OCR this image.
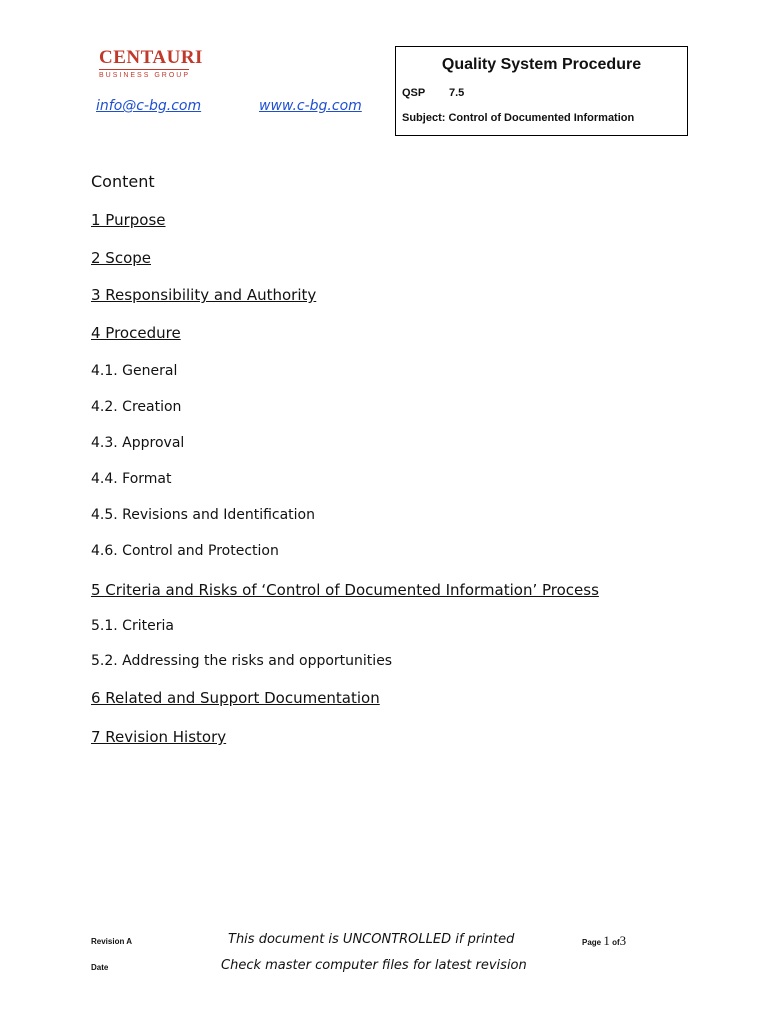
CENTAURI
BUSINESS GROUP
info@c-bg.com	www.c-bg.com
Quality System Procedure
QSP 7.5
Subject: Control of Documented Information
Content
1 Purpose
2 Scope
3 Responsibility and Authority
4 Procedure
4.1. General
4.2. Creation
4.3. Approval
4.4. Format
4.5. Revisions and Identification
4.6. Control and Protection
5 Criteria and Risks of ‘Control of Documented Information’ Process
5.1. Criteria
5.2. Addressing the risks and opportunities
6 Related and Support Documentation
7 Revision History
Revision A
Date
This document is UNCONTROLLED if printed
Check master computer files for latest revision
Page 1 of3
